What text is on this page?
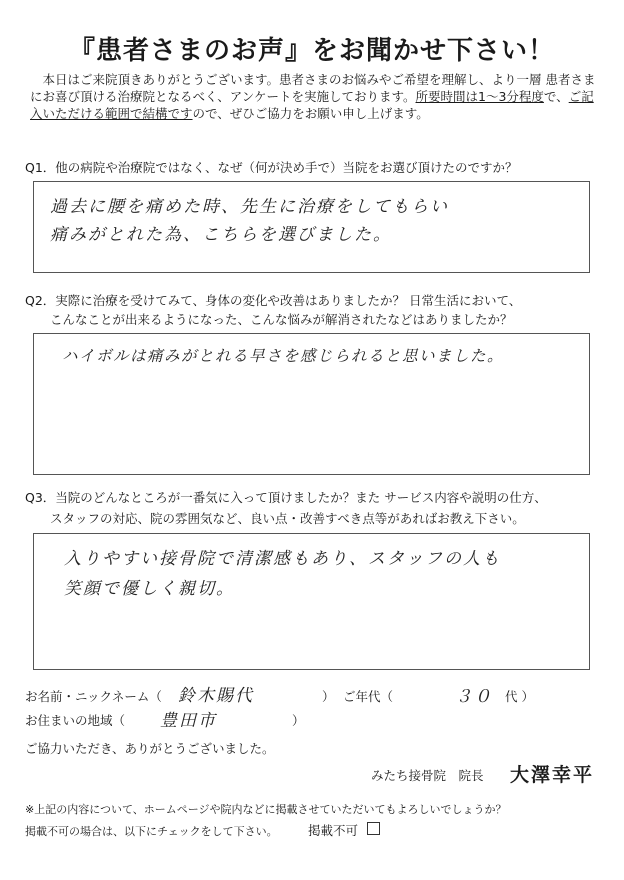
『患者さまのお声』をお聞かせ下さい！
　本日はご来院頂きありがとうございます。患者さまのお悩みやご希望を理解し、より一層 患者さまにお喜び頂ける治療院となるべく、アンケートを実施しております。所要時間は1〜3分程度で、ご記入いただける範囲で結構ですので、ぜひご協力をお願い申し上げます。
Q1．他の病院や治療院ではなく、なぜ（何が決め手で）当院をお選び頂けたのですか？
過去に腰を痛めた時、先生に治療をしてもらい
痛みがとれた為、こちらを選びました。
Q2．実際に治療を受けてみて、身体の変化や改善はありましたか？ 日常生活において、
　　こんなことが出来るようになった、こんな悩みが解消されたなどはありましたか？
ハイボルは痛みがとれる早さを感じられると思いました。
Q3．当院のどんなところが一番気に入って頂けましたか？また サービス内容や説明の仕方、
　　スタッフの対応、院の雰囲気など、良い点・改善すべき点等があればお教え下さい。
入りやすい接骨院で清潔感もあり、スタッフの人も
笑顔で優しく親切。
お名前・ニックネーム（ 鈴木賜代	） ご年代（	３０ 代 ）
お住まいの地域（ 豊田市	）
ご協力いただき、ありがとうございました。
みたち接骨院　院長 大澤幸平
※上記の内容について、ホームページや院内などに掲載させていただいてもよろしいでしょうか？
掲載不可の場合は、以下にチェックをして下さい。 掲載不可
